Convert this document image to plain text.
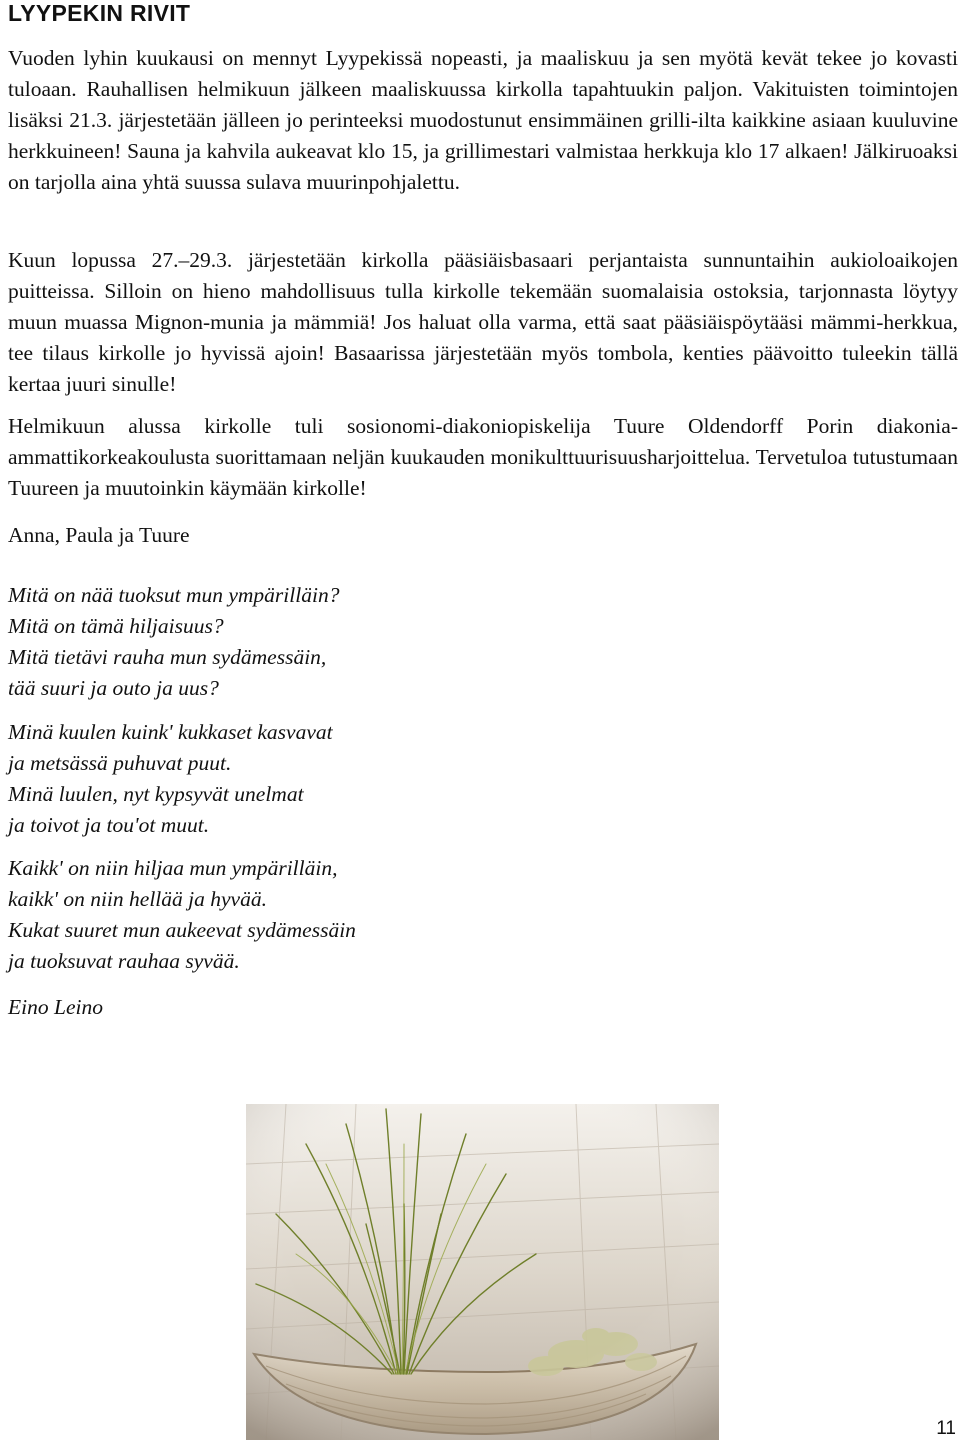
LYYPEKIN RIVIT

Vuoden lyhin kuukausi on mennyt Lyypekissä nopeasti, ja maaliskuu ja sen myötä kevät tekee jo kovasti tuloaan. Rauhallisen helmikuun jälkeen maaliskuussa kirkolla tapahtuukin paljon. Vakituisten toimintojen lisäksi 21.3. järjestetään jälleen jo perinteeksi muodostunut ensimmäinen grilli-ilta kaikkine asiaan kuuluvine herkkuineen! Sauna ja kahvila aukeavat klo 15, ja grillimestari valmistaa herkkuja klo 17 alkaen! Jälkiruoaksi on tarjolla aina yhtä suussa sulava muurinpohjalettu.

Kuun lopussa 27.–29.3. järjestetään kirkolla pääsiäisbasaari perjantaista sunnuntaihin aukioloaikojen puitteissa. Silloin on hieno mahdollisuus tulla kirkolle tekemään suomalaisia ostoksia, tarjonnasta löytyy muun muassa Mignon-munia ja mämmiä! Jos haluat olla varma, että saat pääsiäispöytääsi mämmi-herkkua, tee tilaus kirkolle jo hyvissä ajoin! Basaarissa järjestetään myös tombola, kenties päävoitto tuleekin tällä kertaa juuri sinulle!

Helmikuun alussa kirkolle tuli sosionomi-diakoniopiskelija Tuure Oldendorff Porin diakonia-ammattikorkeakoulusta suorittamaan neljän kuukauden monikulttuurisuusharjoittelua. Tervetuloa tutustumaan Tuureen ja muutoinkin käymään kirkolle!

Anna, Paula ja Tuure

Mitä on nää tuoksut mun ympärilläin?
Mitä on tämä hiljaisuus?
Mitä tietävi rauha mun sydämessäin,
tää suuri ja outo ja uus?
Minä kuulen kuink' kukkaset kasvavat
ja metsässä puhuvat puut.
Minä luulen, nyt kypsyvät unelmat
ja toivot ja tou'ot muut.
Kaikk' on niin hiljaa mun ympärilläin,
kaikk' on niin hellää ja hyvää.
Kukat suuret mun aukeevat sydämessäin
ja tuoksuvat rauhaa syvää.

Eino Leino

11
